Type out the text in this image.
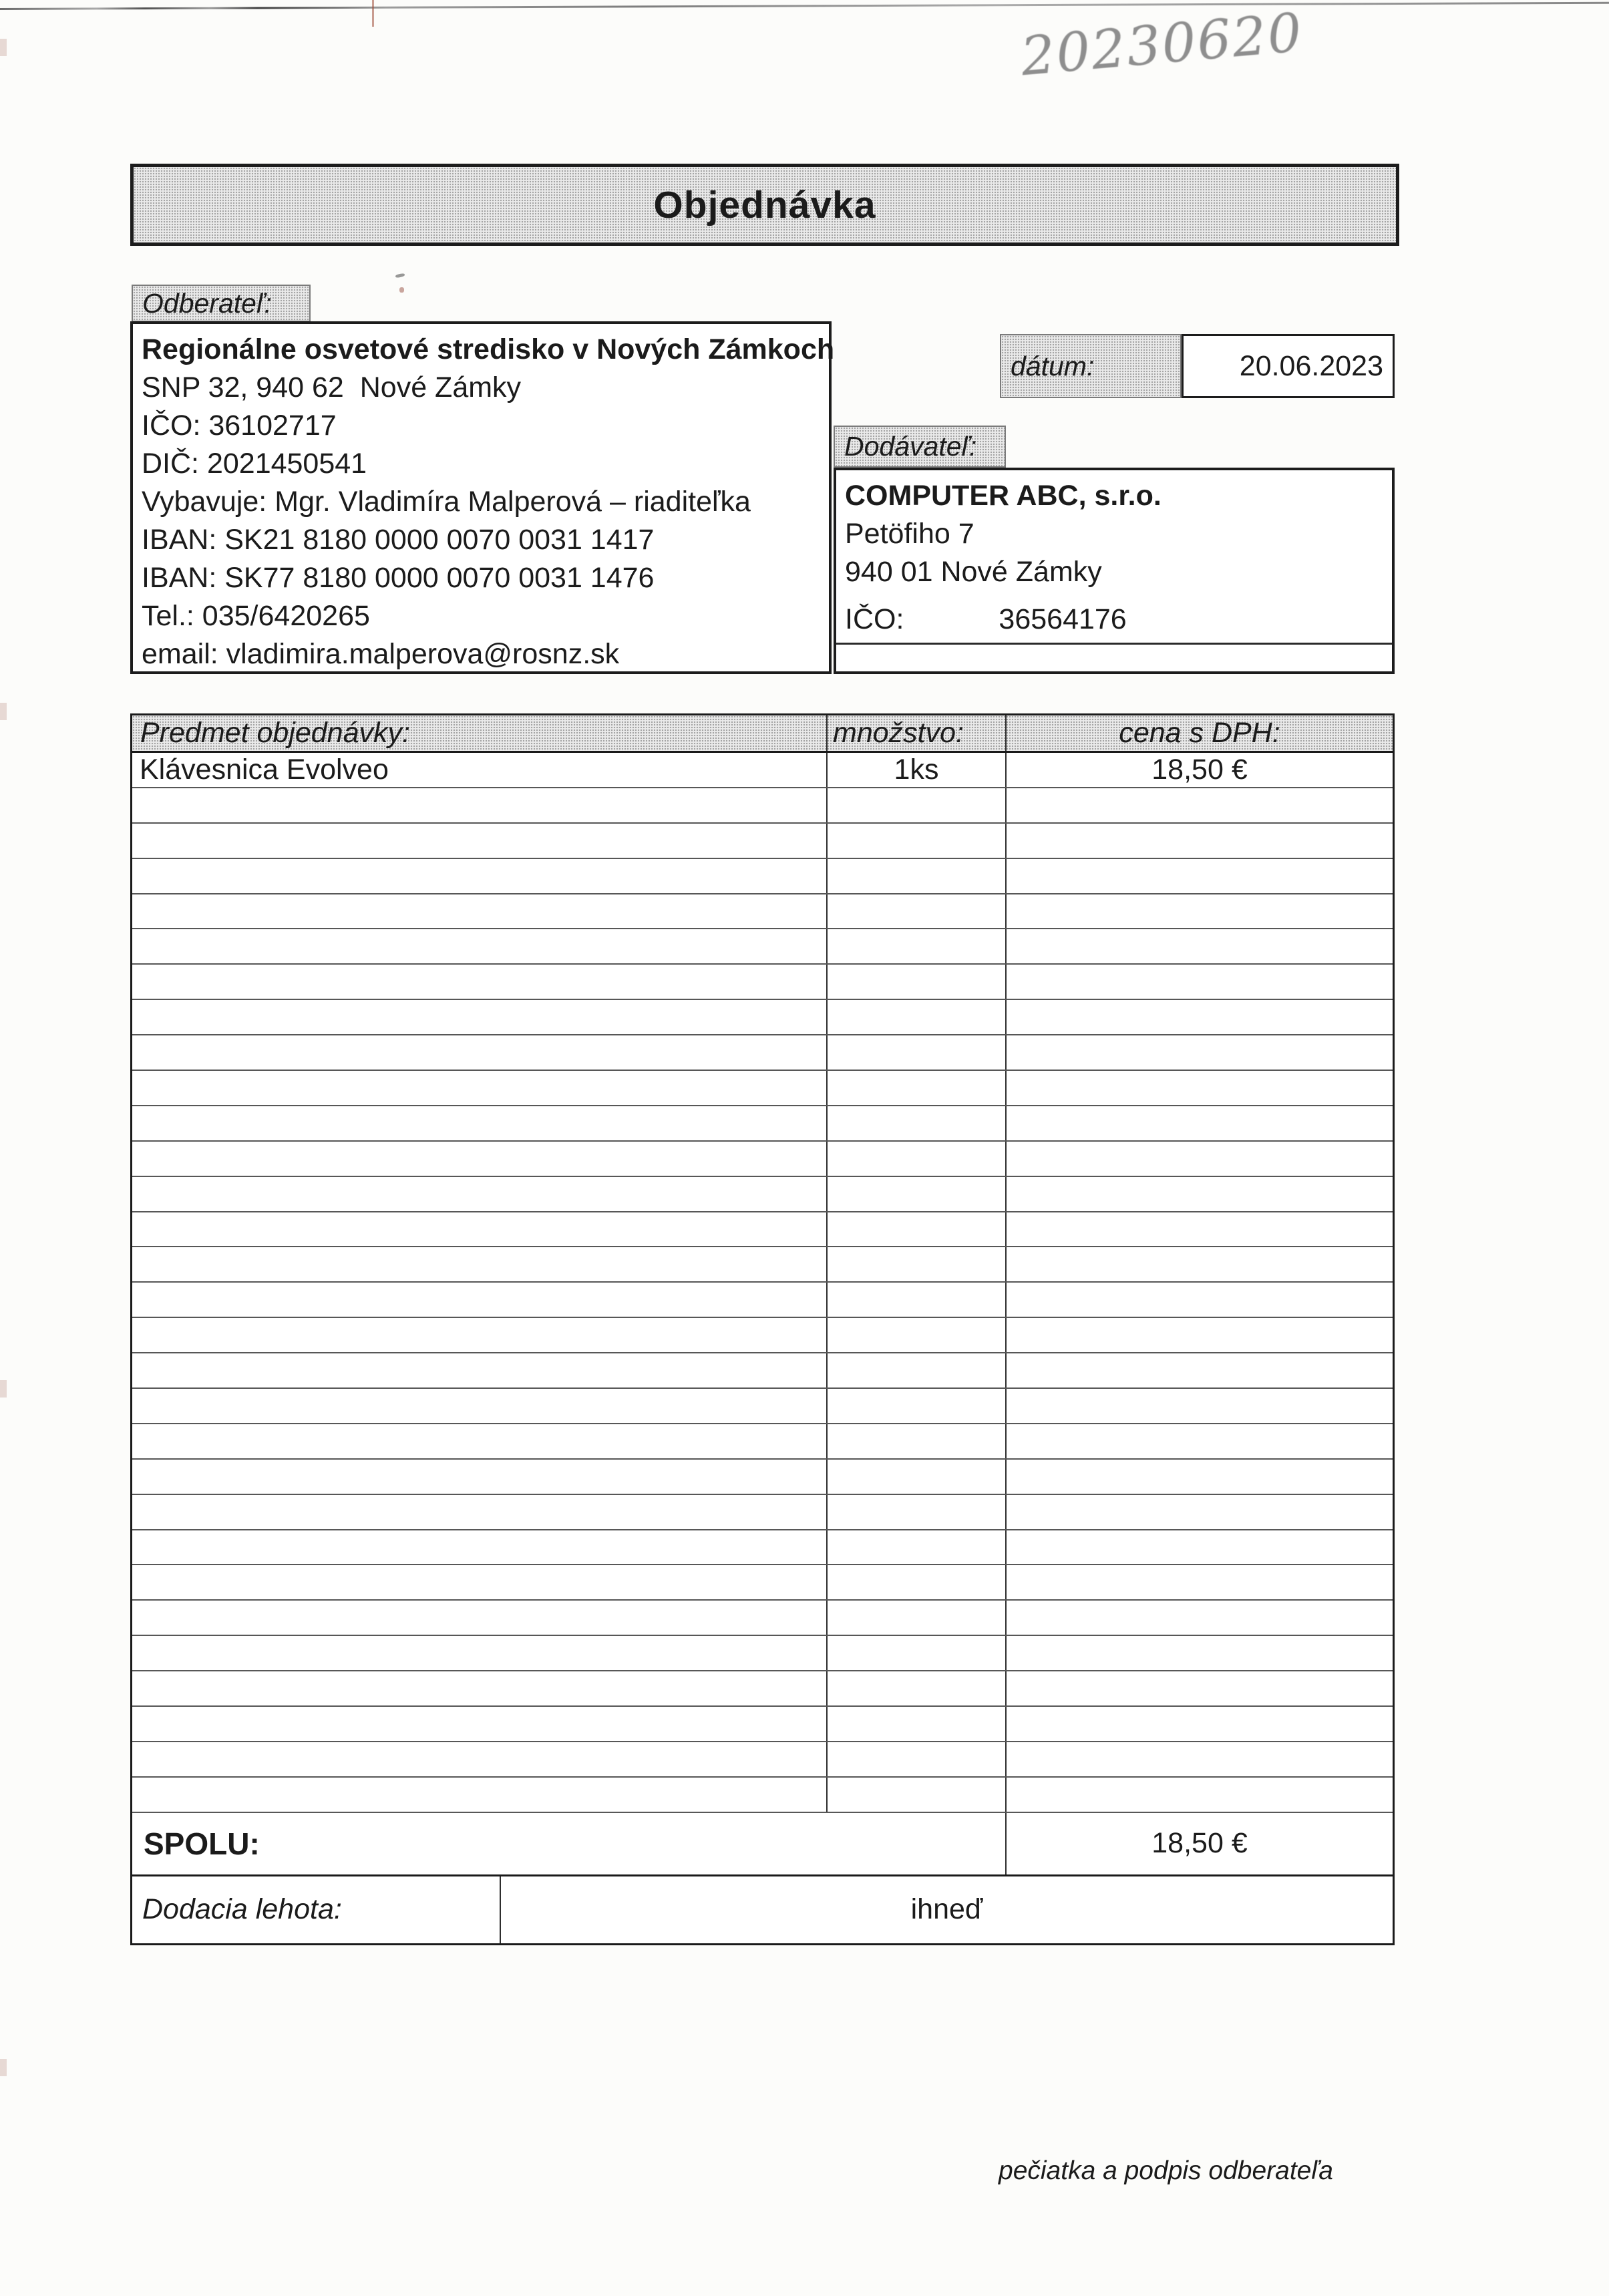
20230620
Objednávka
Odberateľ:
Regionálne osvetové stredisko v Nových Zámkoch
SNP 32, 940 62  Nové Zámky
IČO: 36102717
DIČ: 2021450541
Vybavuje: Mgr. Vladimíra Malperová – riaditeľka
IBAN: SK21 8180 0000 0070 0031 1417
IBAN: SK77 8180 0000 0070 0031 1476
Tel.: 035/6420265
email: vladimira.malperova@rosnz.sk
dátum:	20.06.2023
Dodávateľ:
COMPUTER ABC, s.r.o.
Petöfiho 7
940 01 Nové Zámky
IČO:	36564176
Predmet objednávky:	množstvo:	cena s DPH:
Klávesnica Evolveo	1ks	18,50 €
SPOLU:	18,50 €
Dodacia lehota:	ihneď
pečiatka a podpis odberateľa
